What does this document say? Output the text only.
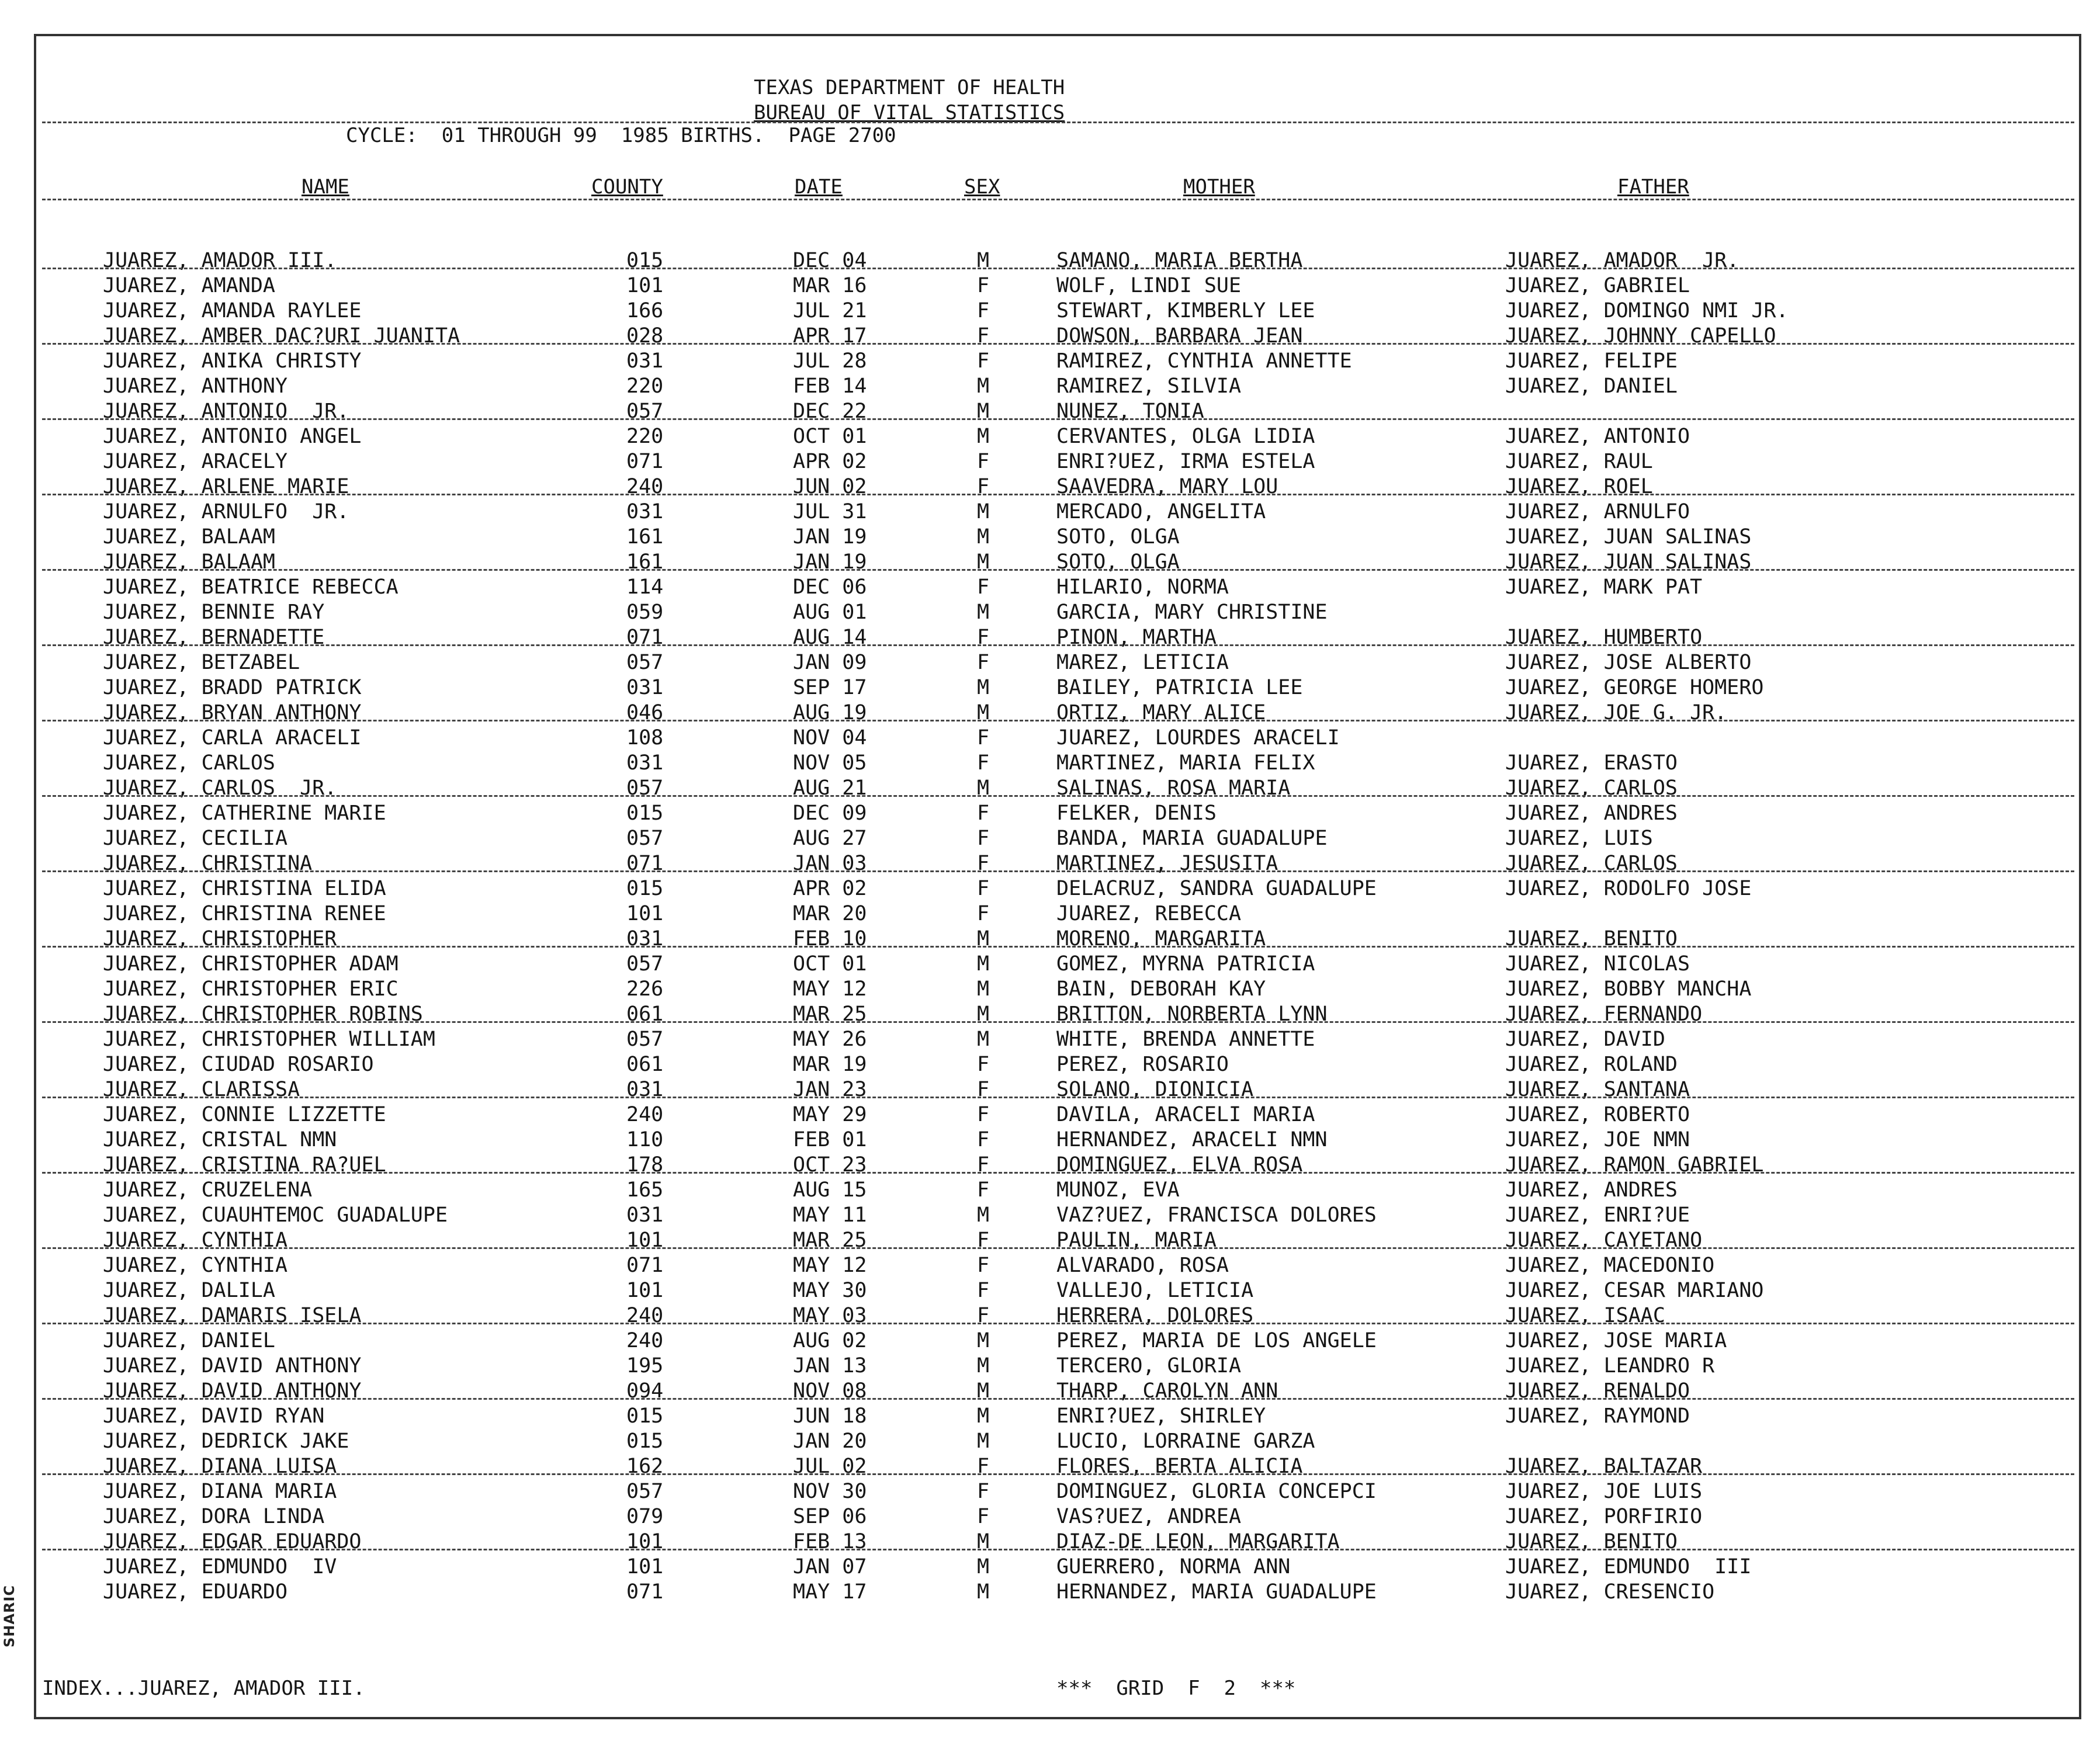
SHARIC
TEXAS DEPARTMENT OF HEALTH
BUREAU OF VITAL STATISTICS
CYCLE:  01 THROUGH 99  1985 BIRTHS.  PAGE 2700
NAME	COUNTY	DATE	SEX	MOTHER	FATHER
JUAREZ, AMADOR III.	015	DEC 04	M	SAMANO, MARIA BERTHA	JUAREZ, AMADOR  JR.
JUAREZ, AMANDA	101	MAR 16	F	WOLF, LINDI SUE	JUAREZ, GABRIEL
JUAREZ, AMANDA RAYLEE	166	JUL 21	F	STEWART, KIMBERLY LEE	JUAREZ, DOMINGO NMI JR.
JUAREZ, AMBER DAC?URI JUANITA	028	APR 17	F	DOWSON, BARBARA JEAN	JUAREZ, JOHNNY CAPELLO
JUAREZ, ANIKA CHRISTY	031	JUL 28	F	RAMIREZ, CYNTHIA ANNETTE	JUAREZ, FELIPE
JUAREZ, ANTHONY	220	FEB 14	M	RAMIREZ, SILVIA	JUAREZ, DANIEL
JUAREZ, ANTONIO  JR.	057	DEC 22	M	NUNEZ, TONIA
JUAREZ, ANTONIO ANGEL	220	OCT 01	M	CERVANTES, OLGA LIDIA	JUAREZ, ANTONIO
JUAREZ, ARACELY	071	APR 02	F	ENRI?UEZ, IRMA ESTELA	JUAREZ, RAUL
JUAREZ, ARLENE MARIE	240	JUN 02	F	SAAVEDRA, MARY LOU	JUAREZ, ROEL
JUAREZ, ARNULFO  JR.	031	JUL 31	M	MERCADO, ANGELITA	JUAREZ, ARNULFO
JUAREZ, BALAAM	161	JAN 19	M	SOTO, OLGA	JUAREZ, JUAN SALINAS
JUAREZ, BALAAM	161	JAN 19	M	SOTO, OLGA	JUAREZ, JUAN SALINAS
JUAREZ, BEATRICE REBECCA	114	DEC 06	F	HILARIO, NORMA	JUAREZ, MARK PAT
JUAREZ, BENNIE RAY	059	AUG 01	M	GARCIA, MARY CHRISTINE
JUAREZ, BERNADETTE	071	AUG 14	F	PINON, MARTHA	JUAREZ, HUMBERTO
JUAREZ, BETZABEL	057	JAN 09	F	MAREZ, LETICIA	JUAREZ, JOSE ALBERTO
JUAREZ, BRADD PATRICK	031	SEP 17	M	BAILEY, PATRICIA LEE	JUAREZ, GEORGE HOMERO
JUAREZ, BRYAN ANTHONY	046	AUG 19	M	ORTIZ, MARY ALICE	JUAREZ, JOE G. JR.
JUAREZ, CARLA ARACELI	108	NOV 04	F	JUAREZ, LOURDES ARACELI
JUAREZ, CARLOS	031	NOV 05	F	MARTINEZ, MARIA FELIX	JUAREZ, ERASTO
JUAREZ, CARLOS  JR.	057	AUG 21	M	SALINAS, ROSA MARIA	JUAREZ, CARLOS
JUAREZ, CATHERINE MARIE	015	DEC 09	F	FELKER, DENIS	JUAREZ, ANDRES
JUAREZ, CECILIA	057	AUG 27	F	BANDA, MARIA GUADALUPE	JUAREZ, LUIS
JUAREZ, CHRISTINA	071	JAN 03	F	MARTINEZ, JESUSITA	JUAREZ, CARLOS
JUAREZ, CHRISTINA ELIDA	015	APR 02	F	DELACRUZ, SANDRA GUADALUPE	JUAREZ, RODOLFO JOSE
JUAREZ, CHRISTINA RENEE	101	MAR 20	F	JUAREZ, REBECCA
JUAREZ, CHRISTOPHER	031	FEB 10	M	MORENO, MARGARITA	JUAREZ, BENITO
JUAREZ, CHRISTOPHER ADAM	057	OCT 01	M	GOMEZ, MYRNA PATRICIA	JUAREZ, NICOLAS
JUAREZ, CHRISTOPHER ERIC	226	MAY 12	M	BAIN, DEBORAH KAY	JUAREZ, BOBBY MANCHA
JUAREZ, CHRISTOPHER ROBINS	061	MAR 25	M	BRITTON, NORBERTA LYNN	JUAREZ, FERNANDO
JUAREZ, CHRISTOPHER WILLIAM	057	MAY 26	M	WHITE, BRENDA ANNETTE	JUAREZ, DAVID
JUAREZ, CIUDAD ROSARIO	061	MAR 19	F	PEREZ, ROSARIO	JUAREZ, ROLAND
JUAREZ, CLARISSA	031	JAN 23	F	SOLANO, DIONICIA	JUAREZ, SANTANA
JUAREZ, CONNIE LIZZETTE	240	MAY 29	F	DAVILA, ARACELI MARIA	JUAREZ, ROBERTO
JUAREZ, CRISTAL NMN	110	FEB 01	F	HERNANDEZ, ARACELI NMN	JUAREZ, JOE NMN
JUAREZ, CRISTINA RA?UEL	178	OCT 23	F	DOMINGUEZ, ELVA ROSA	JUAREZ, RAMON GABRIEL
JUAREZ, CRUZELENA	165	AUG 15	F	MUNOZ, EVA	JUAREZ, ANDRES
JUAREZ, CUAUHTEMOC GUADALUPE	031	MAY 11	M	VAZ?UEZ, FRANCISCA DOLORES	JUAREZ, ENRI?UE
JUAREZ, CYNTHIA	101	MAR 25	F	PAULIN, MARIA	JUAREZ, CAYETANO
JUAREZ, CYNTHIA	071	MAY 12	F	ALVARADO, ROSA	JUAREZ, MACEDONIO
JUAREZ, DALILA	101	MAY 30	F	VALLEJO, LETICIA	JUAREZ, CESAR MARIANO
JUAREZ, DAMARIS ISELA	240	MAY 03	F	HERRERA, DOLORES	JUAREZ, ISAAC
JUAREZ, DANIEL	240	AUG 02	M	PEREZ, MARIA DE LOS ANGELE	JUAREZ, JOSE MARIA
JUAREZ, DAVID ANTHONY	195	JAN 13	M	TERCERO, GLORIA	JUAREZ, LEANDRO R
JUAREZ, DAVID ANTHONY	094	NOV 08	M	THARP, CAROLYN ANN	JUAREZ, RENALDO
JUAREZ, DAVID RYAN	015	JUN 18	M	ENRI?UEZ, SHIRLEY	JUAREZ, RAYMOND
JUAREZ, DEDRICK JAKE	015	JAN 20	M	LUCIO, LORRAINE GARZA
JUAREZ, DIANA LUISA	162	JUL 02	F	FLORES, BERTA ALICIA	JUAREZ, BALTAZAR
JUAREZ, DIANA MARIA	057	NOV 30	F	DOMINGUEZ, GLORIA CONCEPCI	JUAREZ, JOE LUIS
JUAREZ, DORA LINDA	079	SEP 06	F	VAS?UEZ, ANDREA	JUAREZ, PORFIRIO
JUAREZ, EDGAR EDUARDO	101	FEB 13	M	DIAZ-DE LEON, MARGARITA	JUAREZ, BENITO
JUAREZ, EDMUNDO  IV	101	JAN 07	M	GUERRERO, NORMA ANN	JUAREZ, EDMUNDO  III
JUAREZ, EDUARDO	071	MAY 17	M	HERNANDEZ, MARIA GUADALUPE	JUAREZ, CRESENCIO
INDEX...JUAREZ, AMADOR III.	***  GRID  F  2  ***
